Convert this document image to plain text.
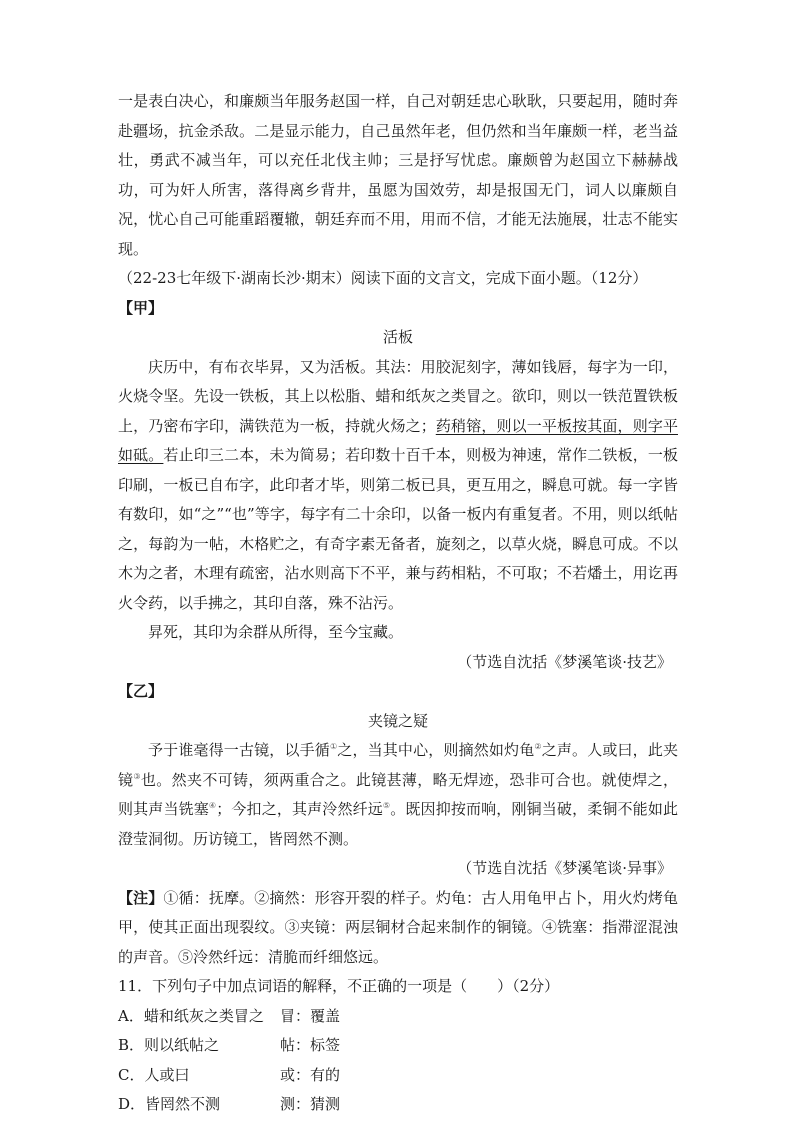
一是表白决心，和廉颇当年服务赵国一样，自己对朝廷忠心耿耿，只要起用，随时奔赴疆场，抗金杀敌。二是显示能力，自己虽然年老，但仍然和当年廉颇一样，老当益壮，勇武不减当年，可以充任北伐主帅；三是抒写忧虑。廉颇曾为赵国立下赫赫战功，可为奸人所害，落得离乡背井，虽愿为国效劳，却是报国无门，词人以廉颇自况，忧心自己可能重蹈覆辙，朝廷弃而不用，用而不信，才能无法施展，壮志不能实现。

（22-23七年级下·湖南长沙·期末）阅读下面的文言文，完成下面小题。（12分）

【甲】

活板

庆历中，有布衣毕昇，又为活板。其法：用胶泥刻字，薄如钱唇，每字为一印，火烧令坚。先设一铁板，其上以松脂、蜡和纸灰之类冒之。欲印，则以一铁范置铁板上，乃密布字印，满铁范为一板，持就火炀之；药稍镕，则以一平板按其面，则字平如砥。若止印三二本，未为简易；若印数十百千本，则极为神速，常作二铁板，一板印刷，一板已自布字，此印者才毕，则第二板已具，更互用之，瞬息可就。每一字皆有数印，如“之”“也”等字，每字有二十余印，以备一板内有重复者。不用，则以纸帖之，每韵为一帖，木格贮之，有奇字素无备者，旋刻之，以草火烧，瞬息可成。不以木为之者，木理有疏密，沾水则高下不平，兼与药相粘，不可取；不若燔土，用讫再火令药，以手拂之，其印自落，殊不沾污。

昇死，其印为余群从所得，至今宝藏。

（节选自沈括《梦溪笔谈·技艺》

【乙】

夹镜之疑

予于谁毫得一古镜，以手循①之，当其中心，则摘然如灼龟②之声。人或曰，此夹镜③也。然夹不可铸，须两重合之。此镜甚薄，略无焊迹，恐非可合也。就使焊之，则其声当铣塞④；今扣之，其声泠然纤远⑤。既因抑按而响，刚铜当破，柔铜不能如此澄莹洞彻。历访镜工，皆罔然不测。

（节选自沈括《梦溪笔谈·异事》

【注】①循：抚摩。②摘然：形容开裂的样子。灼龟：古人用龟甲占卜，用火灼烤龟甲，使其正面出现裂纹。③夹镜：两层铜材合起来制作的铜镜。④铣塞：指滞涩混浊的声音。⑤泠然纤远：清脆而纤细悠远。

11．下列句子中加点词语的解释，不正确的一项是（　　）（2分）

A．蜡和纸灰之类冒之	冒：覆盖
B．则以纸帖之	帖：标签
C．人或曰	或：有的
D．皆罔然不测	测：猜测
